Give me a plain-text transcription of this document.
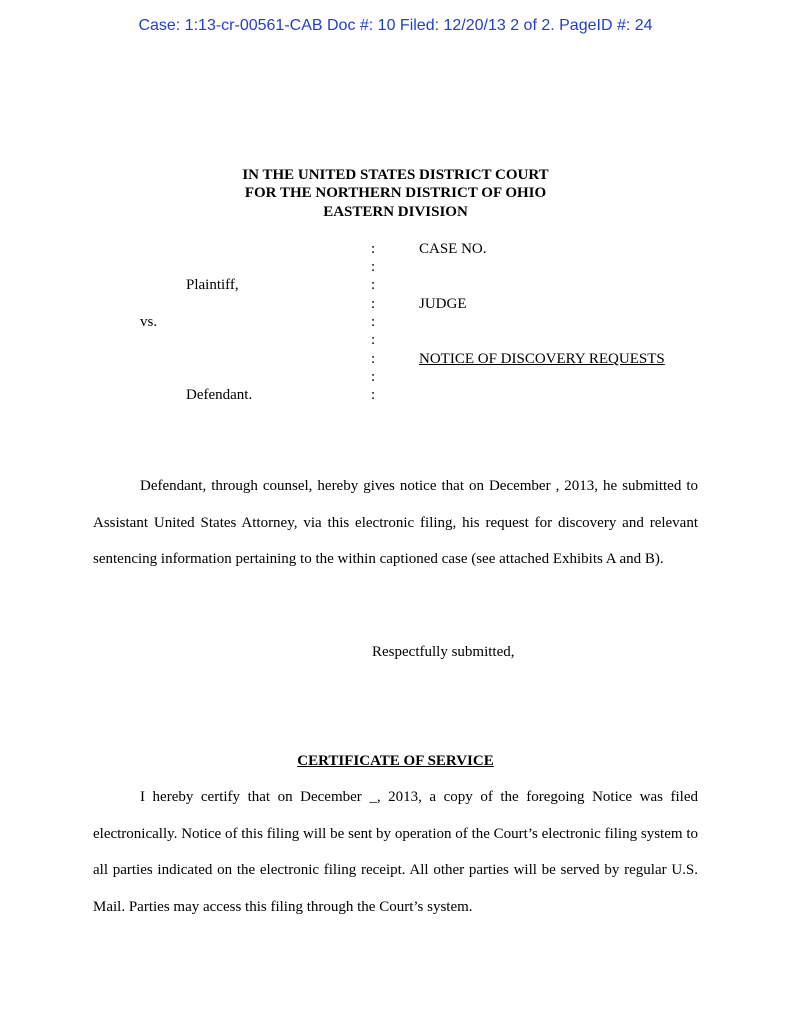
Case: 1:13-cr-00561-CAB Doc #: 10 Filed: 12/20/13 2 of 2. PageID #: 24
IN THE UNITED STATES DISTRICT COURT
FOR THE NORTHERN DISTRICT OF OHIO
EASTERN DIVISION
Plaintiff,
vs.
Defendant.
:
:
:
:
:
:
:
:
:
CASE NO.
JUDGE
NOTICE OF DISCOVERY REQUESTS

Defendant, through counsel, hereby gives notice that on December , 2013, he submitted to Assistant United States Attorney, via this electronic filing, his request for discovery and relevant sentencing information pertaining to the within captioned case (see attached Exhibits A and B).

Respectfully submitted,
CERTIFICATE OF SERVICE

I hereby certify that on December _, 2013, a copy of the foregoing Notice was filed electronically. Notice of this filing will be sent by operation of the Court’s electronic filing system to all parties indicated on the electronic filing receipt. All other parties will be served by regular U.S. Mail. Parties may access this filing through the Court’s system.
